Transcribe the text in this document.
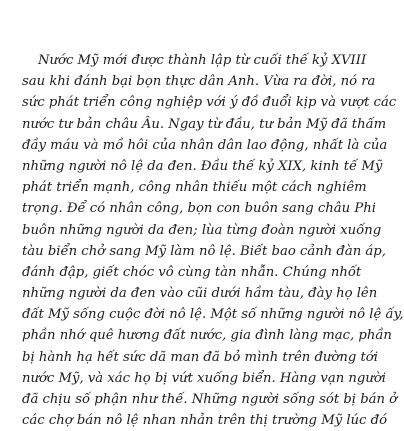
Nước Mỹ mới được thành lập từ cuối thế kỷ XVIII
sau khi đánh bại bọn thực dân Anh. Vừa ra đời, nó ra
sức phát triển công nghiệp với ý đồ đuổi kịp và vượt các
nước tư bản châu Âu. Ngay từ đầu, tư bản Mỹ đã thấm
đầy máu và mồ hôi của nhân dân lao động, nhất là của
những người nô lệ da đen. Đầu thế kỷ XIX, kinh tế Mỹ
phát triển mạnh, công nhân thiếu một cách nghiêm
trọng. Để có nhân công, bọn con buôn sang châu Phi
buôn những người da đen; lùa từng đoàn người xuống
tàu biển chở sang Mỹ làm nô lệ. Biết bao cảnh đàn áp,
đánh đập, giết chóc vô cùng tàn nhẫn. Chúng nhốt
những người da đen vào cũi dưới hầm tàu, đày họ lên
đất Mỹ sống cuộc đời nô lệ. Một số những người nô lệ ấy,
phần nhớ quê hương đất nước, gia đình làng mạc, phần
bị hành hạ hết sức dã man đã bỏ mình trên đường tới
nước Mỹ, và xác họ bị vứt xuống biển. Hàng vạn người
đã chịu số phận như thế. Những người sống sót bị bán ở
các chợ bán nô lệ nhan nhản trên thị trường Mỹ lúc đó
